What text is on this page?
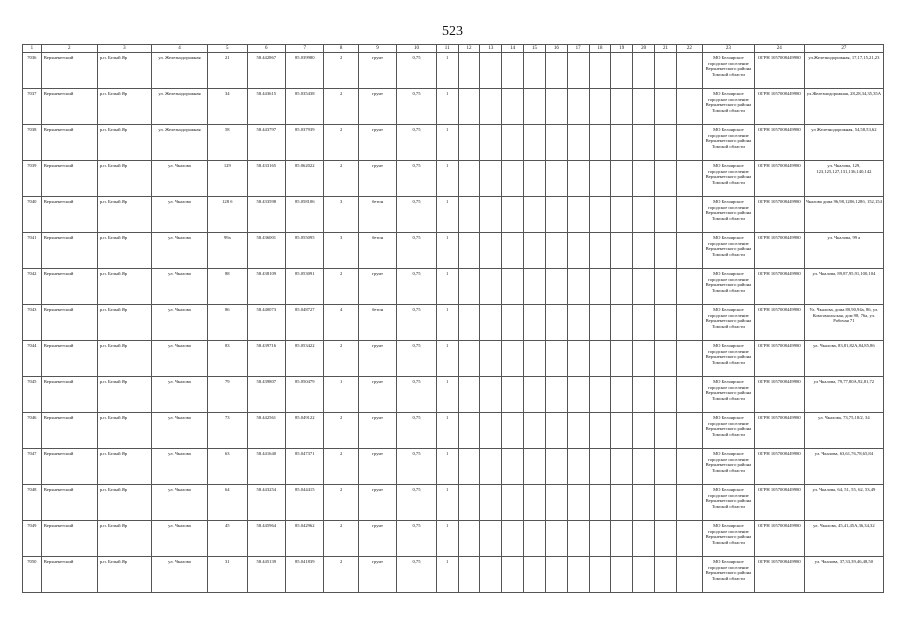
523
1	2	3	4	5	6	7	8	9	10	11	12	13	14	15	16	17	18	19	20	21	22	23	24	27
7036	Верхнекетский	р.п. Белый Яр	ул. Железнодорожная	21	58.442867	85.039980	2	грунт	0,75	1												МО Белоярское городское поселение Верхнекетского района Томской области	ОГРН 1057008449980	ул.Железнодорожная, 17,17,15,21,23
7037	Верхнекетский	р.п. Белый Яр	ул. Железнодорожная	34	58.443615	85.035438	2	грунт	0,75	1												МО Белоярское городское поселение Верхнекетского района Томской области	ОГРН 1057008449980	ул.Железнодорожная, 28,28,34,35,35А
7038	Верхнекетский	р.п. Белый Яр	ул. Железнодорожная	58	58.443797	85.037939	2	грунт	0,75	1												МО Белоярское городское поселение Верхнекетского района Томской области	ОГРН 1057008449980	ул Железнодорожная, 54,58,53,62
7039	Верхнекетский	р.п. Белый Яр	ул. Чкалова	129	58.433165	85.062022	2	грунт	0,75	1												МО Белоярское городское поселение Верхнекетского района Томской области	ОГРН 1057008449980	ул. Чкалова, 129, 123,125,127,131,136,140,142
7040	Верхнекетский	р.п. Белый Яр	ул. Чкалова	128 б	58.433598	85.058106	3	бетон	0,75	1												МО Белоярское городское поселение Верхнекетского района Томской области	ОГРН 1057008449980	Чкалова дома 96,98,128б,128б, 152,154
7041	Верхнекетский	р.п. Белый Яр	ул. Чкалова	99а	58.436001	85.055095	3	бетон	0,75	1												МО Белоярское городское поселение Верхнекетского района Томской области	ОГРН 1057008449980	ул. Чкалова, 99 а
7042	Верхнекетский	р.п. Белый Яр	ул. Чкалова	88	58.438109	85.053091	2	грунт	0,75	1												МО Белоярское городское поселение Верхнекетского района Томской области	ОГРН 1057008449980	ул. Чкалова, 89,87,95,91,100,104
7043	Верхнекетский	р.п. Белый Яр	ул. Чкалова	86	58.440073	85.048727	4	бетон	0,75	1												МО Белоярское городское поселение Верхнекетского района Томской области	ОГРН 1057008449980	Ул. Чкалова, дома 80,90,94а, 86, ул. Комсомольская, дом 98, 76а, ул. Рабочая 71
7044	Верхнекетский	р.п. Белый Яр	ул. Чкалова	83	58.439716	85.053422	2	грунт	0,75	1												МО Белоярское городское поселение Верхнекетского района Томской области	ОГРН 1057008449980	ул. Чкалова, 83,81,82А,84,85,86
7045	Верхнекетский	р.п. Белый Яр	ул. Чкалова	79	58.439807	85.050479	1	грунт	0,75	1												МО Белоярское городское поселение Верхнекетского района Томской области	ОГРН 1057008449980	ул Чкалова, 79,77,80А,92,81,72
7046	Верхнекетский	р.п. Белый Яр	ул. Чкалова	73	58.442561	85.049122	2	грунт	0,75	1												МО Белоярское городское поселение Верхнекетского района Томской области	ОГРН 1057008449980	ул. Чкалова, 73,75,18/2, 34
7047	Верхнекетский	р.п. Белый Яр	ул. Чкалова	63	58.441640	85.047371	2	грунт	0,75	1												МО Белоярское городское поселение Верхнекетского района Томской области	ОГРН 1057008449980	ул. Чкалова, 63,61,76,78,65,84
7048	Верхнекетский	р.п. Белый Яр	ул. Чкалова	64	58.443254	85.044415	2	грунт	0,75	1												МО Белоярское городское поселение Верхнекетского района Томской области	ОГРН 1057008449980	ул. Чкалова, 64, 51, 55, 62, 53,49
7049	Верхнекетский	р.п. Белый Яр	ул. Чкалова	45	58.445964	85.042962	2	грунт	0,75	1												МО Белоярское городское поселение Верхнекетского района Томской области	ОГРН 1057008449980	ул. Чкалова, 45,41,45А,36,34,32
7050	Верхнекетский	р.п. Белый Яр	ул. Чкалова	31	58.445139	85.041839	2	грунт	0,75	1												МО Белоярское городское поселение Верхнекетского района Томской области	ОГРН 1057008449980	ул. Чкалова, 37,33,39,46,48,50
